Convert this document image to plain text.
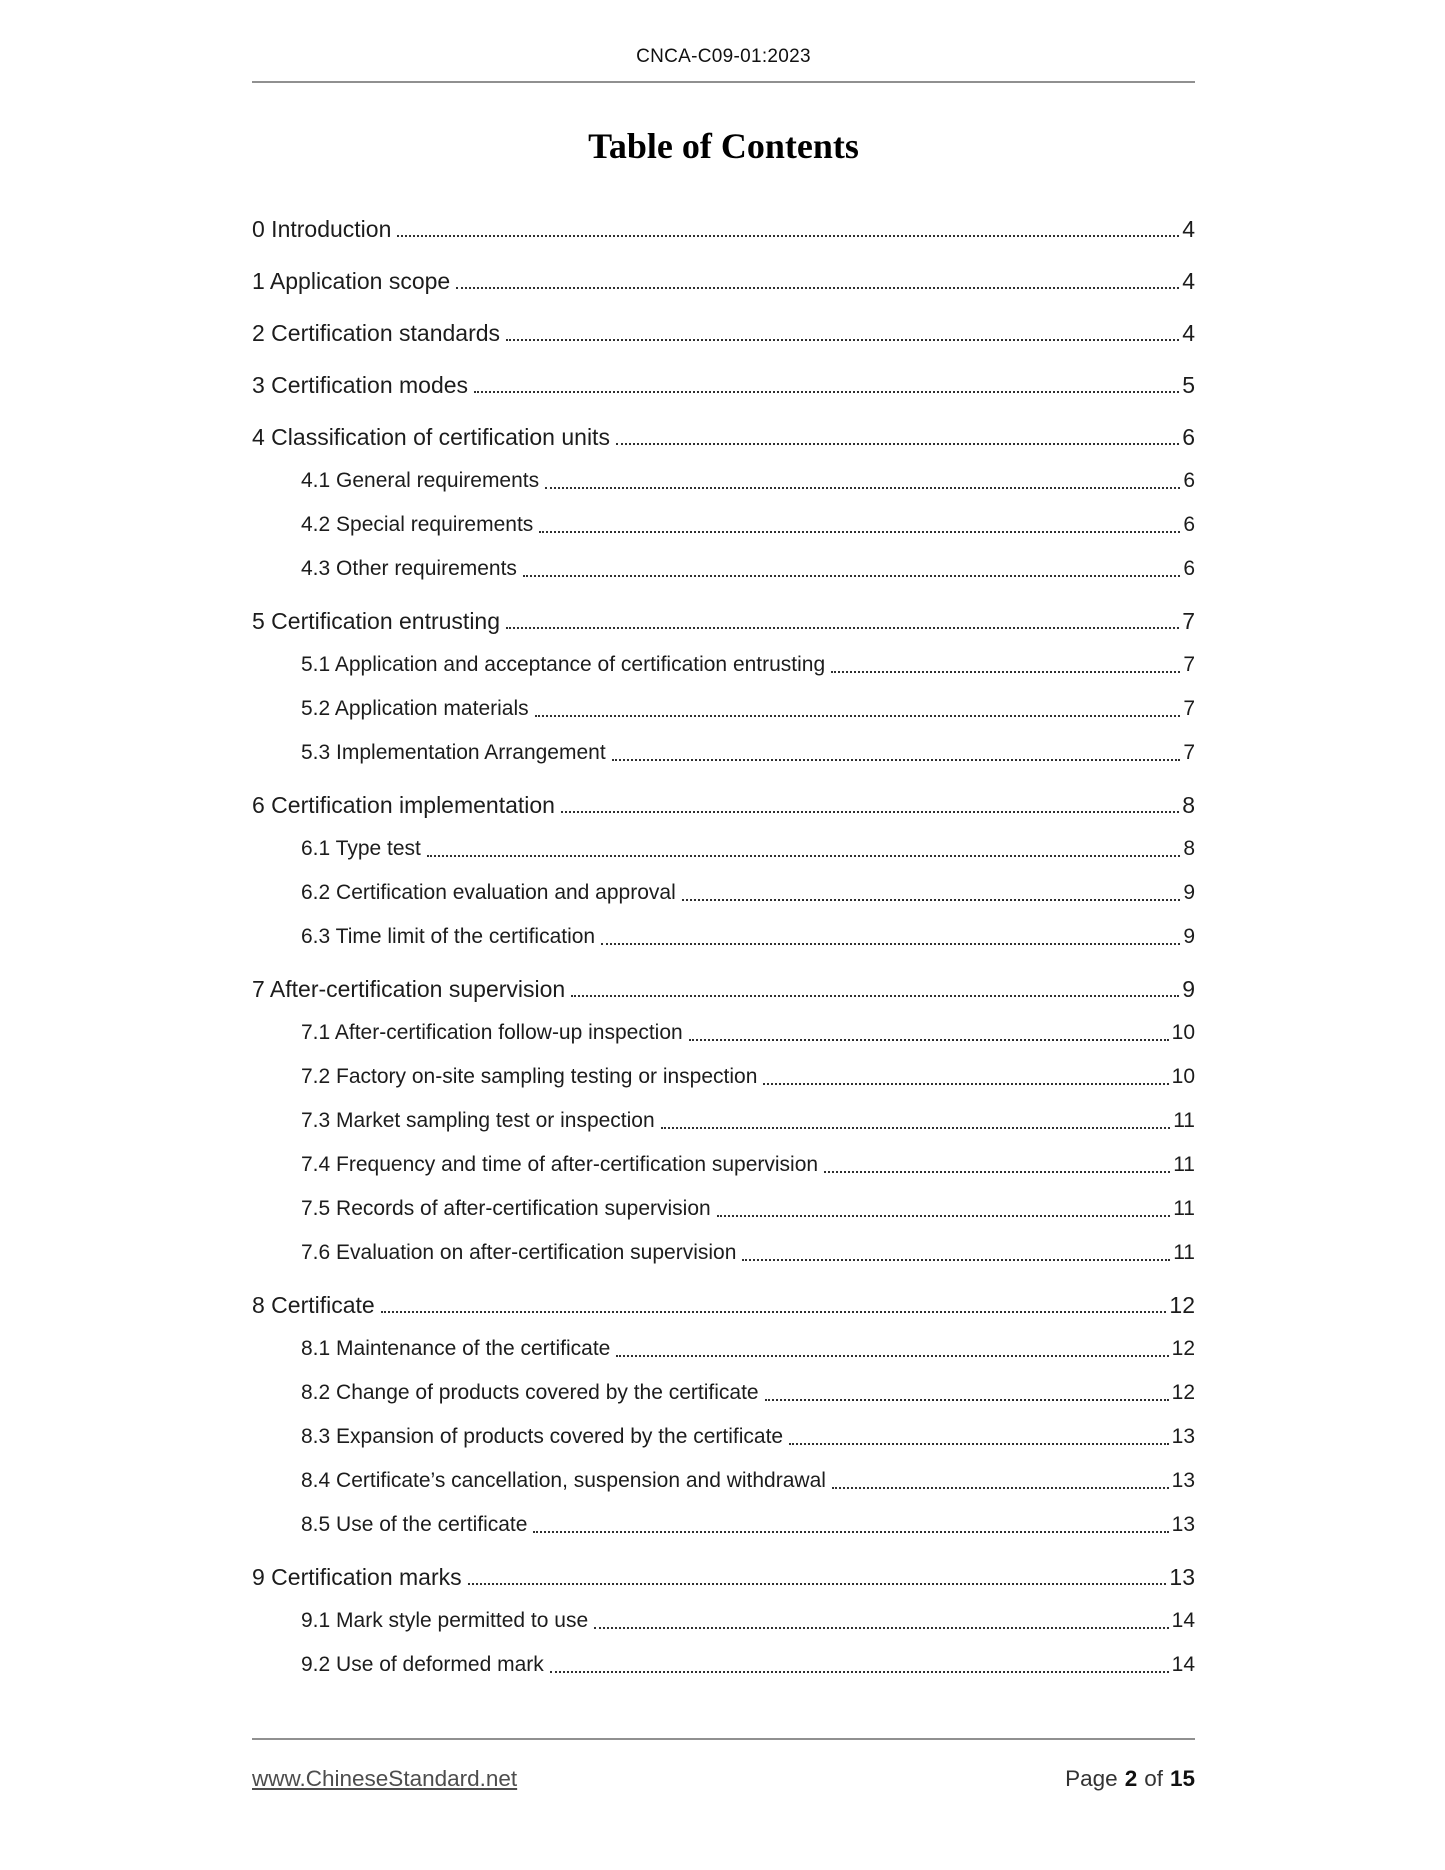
CNCA-C09-01:2023
Table of Contents
0 Introduction	4
1 Application scope	4
2 Certification standards	4
3 Certification modes	5
4 Classification of certification units	6
4.1 General requirements	6
4.2 Special requirements	6
4.3 Other requirements	6
5 Certification entrusting	7
5.1 Application and acceptance of certification entrusting	7
5.2 Application materials	7
5.3 Implementation Arrangement	7
6 Certification implementation	8
6.1 Type test	8
6.2 Certification evaluation and approval	9
6.3 Time limit of the certification	9
7 After-certification supervision	9
7.1 After-certification follow-up inspection	10
7.2 Factory on-site sampling testing or inspection	10
7.3 Market sampling test or inspection	11
7.4 Frequency and time of after-certification supervision	11
7.5 Records of after-certification supervision	11
7.6 Evaluation on after-certification supervision	11
8 Certificate	12
8.1 Maintenance of the certificate	12
8.2 Change of products covered by the certificate	12
8.3 Expansion of products covered by the certificate	13
8.4 Certificate’s cancellation, suspension and withdrawal	13
8.5 Use of the certificate	13
9 Certification marks	13
9.1 Mark style permitted to use	14
9.2 Use of deformed mark	14
www.ChineseStandard.net	Page 2 of 15
